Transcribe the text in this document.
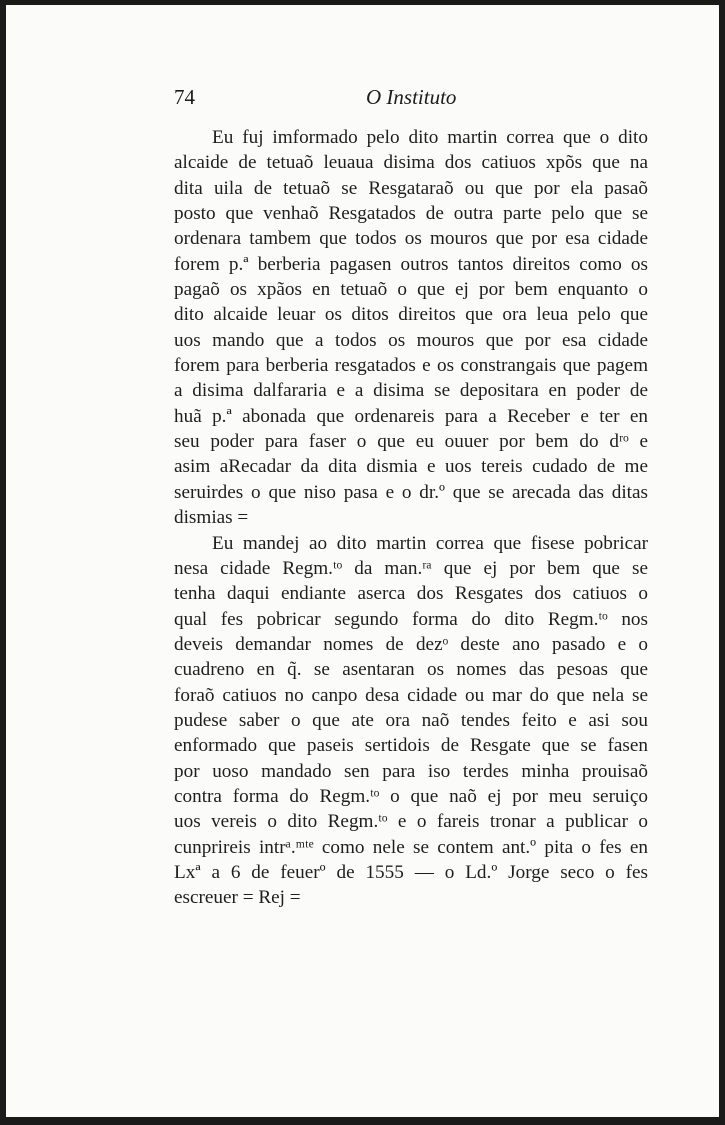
74	O Instituto
Eu fuj imformado pelo dito martin correa que o dito
alcaide de tetuaõ leuaua disima dos catiuos xpõs que na
dita uila de tetuaõ se Resgataraõ ou que por ela pasaõ
posto que venhaõ Resgatados de outra parte pelo que se
ordenara tambem que todos os mouros que por esa cidade
forem p.ª berberia pagasen outros tantos direitos como os
pagaõ os xpãos en tetuaõ o que ej por bem enquanto o
dito alcaide leuar os ditos direitos que ora leua pelo que
uos mando que a todos os mouros que por esa cidade
forem para berberia resgatados e os constrangais que pagem
a disima dalfararia e a disima se depositara en poder de
huã p.ª abonada que ordenareis para a Receber e ter en
seu poder para faser o que eu ouuer por bem do dʳᵒ e
asim aRecadar da dita dismia e uos tereis cudado de me
seruirdes o que niso pasa e o dr.º que se arecada das ditas
dismias =
Eu mandej ao dito martin correa que fisese pobricar
nesa cidade Regm.ᵗᵒ da man.ʳᵃ que ej por bem que se
tenha daqui endiante aserca dos Resgates dos catiuos o
qual fes pobricar segundo forma do dito Regm.ᵗᵒ nos
deveis demandar nomes de dezᵒ deste ano pasado e o
cuadreno en q̃. se asentaran os nomes das pesoas que
foraõ catiuos no canpo desa cidade ou mar do que nela se
pudese saber o que ate ora naõ tendes feito e asi sou
enformado que paseis sertidois de Resgate que se fasen
por uoso mandado sen para iso terdes minha prouisaõ
contra forma do Regm.ᵗᵒ o que naõ ej por meu seruiço
uos vereis o dito Regm.ᵗᵒ e o fareis tronar a publicar o
cunprireis intrᵃ.ᵐᵗᵉ como nele se contem ant.º pita o fes en
Lxª a 6 de feuerº de 1555 — o Ld.º Jorge seco o fes
escreuer = Rej =
